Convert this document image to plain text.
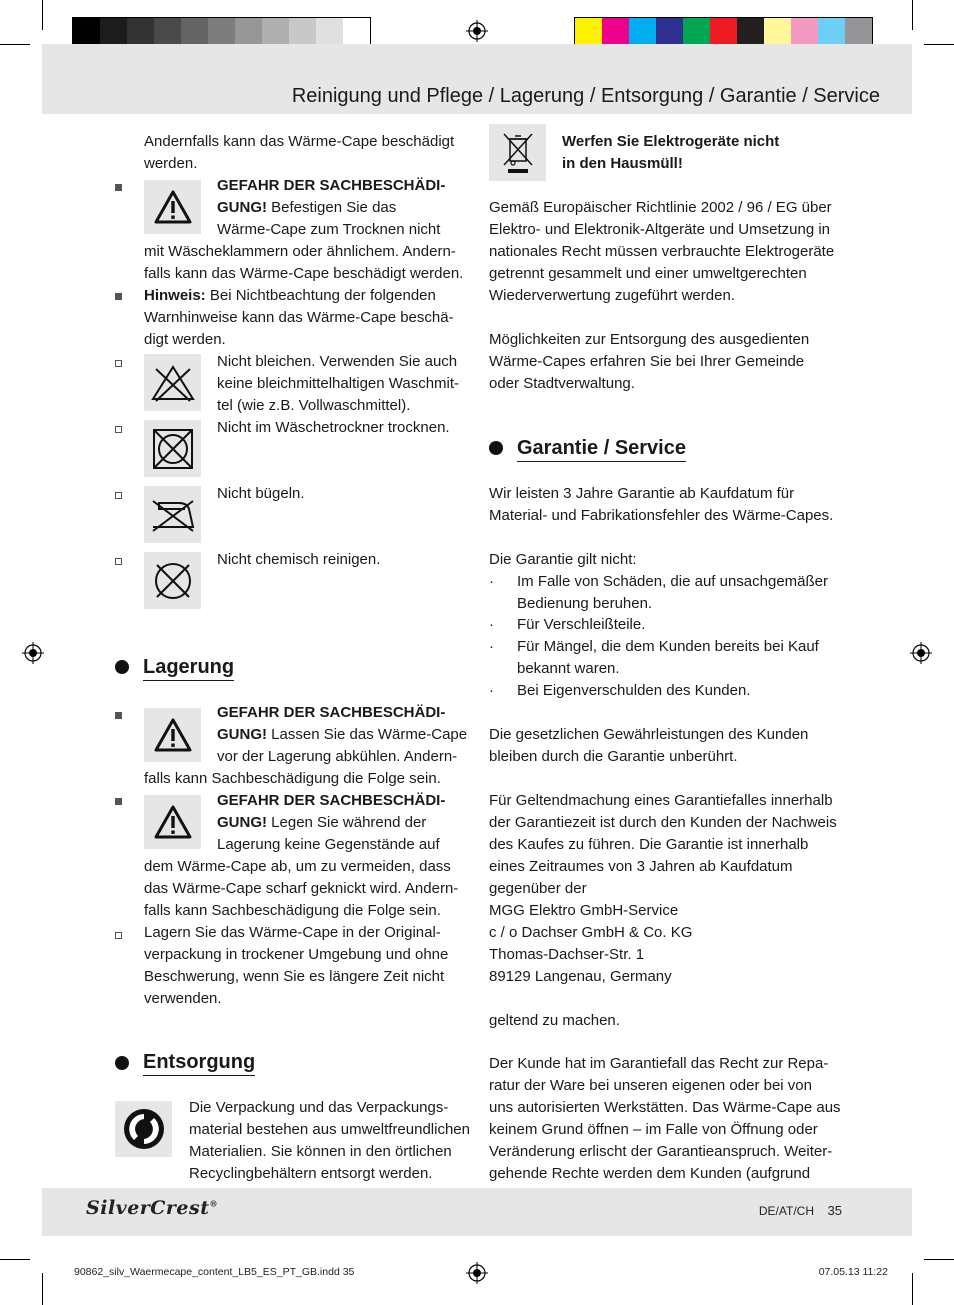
Reinigung und Pflege / Lagerung / Entsorgung / Garantie / Service
Andernfalls kann das Wärme-Cape beschädigt
werden.
GEFAHR DER SACHBESCHÄDI-
GUNG! Befestigen Sie das
Wärme-Cape zum Trocknen nicht
mit Wäscheklammern oder ähnlichem. Andern-
falls kann das Wärme-Cape beschädigt werden.
Hinweis: Bei Nichtbeachtung der folgenden
Warnhinweise kann das Wärme-Cape beschä-
digt werden.
Nicht bleichen. Verwenden Sie auch
keine bleichmittelhaltigen Waschmit-
tel (wie z.B. Vollwaschmittel).
Nicht im Wäschetrockner trocknen.
Nicht bügeln.
Nicht chemisch reinigen.
Lagerung
GEFAHR DER SACHBESCHÄDI-
GUNG! Lassen Sie das Wärme-Cape
vor der Lagerung abkühlen. Andern-
falls kann Sachbeschädigung die Folge sein.
GEFAHR DER SACHBESCHÄDI-
GUNG! Legen Sie während der
Lagerung keine Gegenstände auf
dem Wärme-Cape ab, um zu vermeiden, dass
das Wärme-Cape scharf geknickt wird. Andern-
falls kann Sachbeschädigung die Folge sein.
Lagern Sie das Wärme-Cape in der Original-
verpackung in trockener Umgebung und ohne
Beschwerung, wenn Sie es längere Zeit nicht
verwenden.
Entsorgung
Die Verpackung und das Verpackungs-
material bestehen aus umweltfreundlichen
Materialien. Sie können in den örtlichen
Recyclingbehältern entsorgt werden.
Werfen Sie Elektrogeräte nicht
in den Hausmüll!
Gemäß Europäischer Richtlinie 2002 / 96 / EG über
Elektro- und Elektronik-Altgeräte und Umsetzung in
nationales Recht müssen verbrauchte Elektrogeräte
getrennt gesammelt und einer umweltgerechten
Wiederverwertung zugeführt werden.
Möglichkeiten zur Entsorgung des ausgedienten
Wärme-Capes erfahren Sie bei Ihrer Gemeinde
oder Stadtverwaltung.
Garantie / Service
Wir leisten 3 Jahre Garantie ab Kaufdatum für
Material- und Fabrikationsfehler des Wärme-Capes.
Die Garantie gilt nicht:
· Im Falle von Schäden, die auf unsachgemäßer
Bedienung beruhen.
· Für Verschleißteile.
· Für Mängel, die dem Kunden bereits bei Kauf
bekannt waren.
· Bei Eigenverschulden des Kunden.
Die gesetzlichen Gewährleistungen des Kunden
bleiben durch die Garantie unberührt.
Für Geltendmachung eines Garantiefalles innerhalb
der Garantiezeit ist durch den Kunden der Nachweis
des Kaufes zu führen. Die Garantie ist innerhalb
eines Zeitraumes von 3 Jahren ab Kaufdatum
gegenüber der
MGG Elektro GmbH-Service
c / o Dachser GmbH & Co. KG
Thomas-Dachser-Str. 1
89129 Langenau, Germany
geltend zu machen.
Der Kunde hat im Garantiefall das Recht zur Repa-
ratur der Ware bei unseren eigenen oder bei von
uns autorisierten Werkstätten. Das Wärme-Cape aus
keinem Grund öffnen – im Falle von Öffnung oder
Veränderung erlischt der Garantieanspruch. Weiter-
gehende Rechte werden dem Kunden (aufgrund
SilverCrest®
DE/AT/CH 35
90862_silv_Waermecape_content_LB5_ES_PT_GB.indd 35	07.05.13 11:22
